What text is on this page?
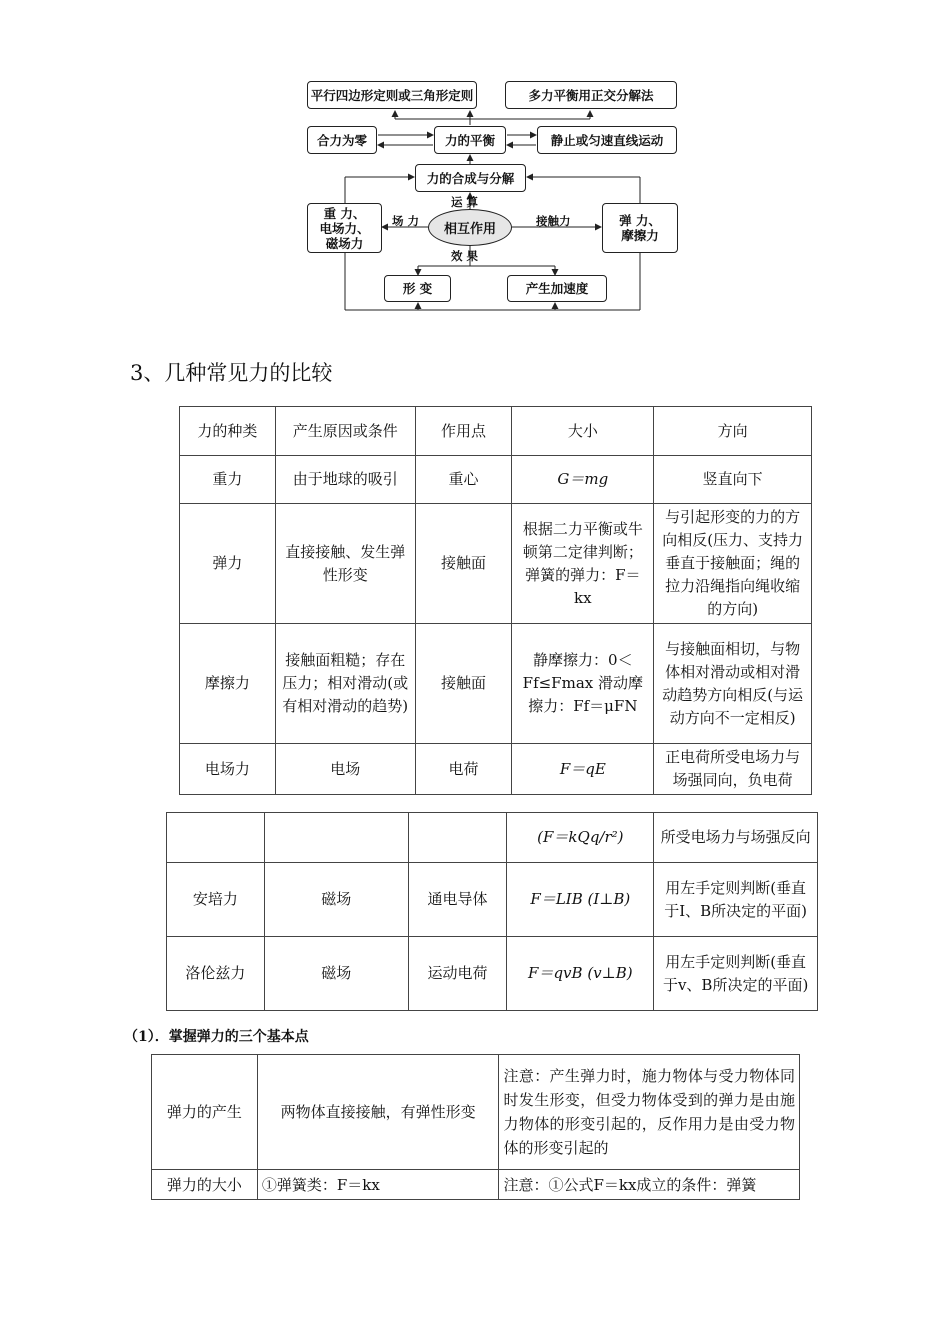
平行四边形定则或三角形定则	多力平衡用正交分解法
合力为零	力的平衡	静止或匀速直线运动
力的合成与分解
运 算
重 力、
电场力、
磁场力
场 力
相互作用
接触力	弹 力、
摩擦力
效 果
形 变	产生加速度
3、几种常见力的比较
力的种类	产生原因或条件	作用点	大小	方向
重力	由于地球的吸引	重心	G＝mg	竖直向下
弹力	直接接触、发生弹性形变	接触面	根据二力平衡或牛顿第二定律判断；弹簧的弹力：F＝kx	与引起形变的力的方向相反(压力、支持力垂直于接触面；绳的拉力沿绳指向绳收缩的方向)
摩擦力	接触面粗糙；存在压力；相对滑动(或有相对滑动的趋势)	接触面	静摩擦力：0＜Ff≤Fmax 滑动摩擦力：Ff＝μFN	与接触面相切，与物体相对滑动或相对滑动趋势方向相反(与运动方向不一定相反)
电场力	电场	电荷	F＝qE	正电荷所受电场力与场强同向，负电荷
			(F＝kQq/r²)	所受电场力与场强反向
安培力	磁场	通电导体	F＝LIB (I⊥B)	用左手定则判断(垂直于I、B所决定的平面)
洛伦兹力	磁场	运动电荷	F＝qvB (v⊥B)	用左手定则判断(垂直于v、B所决定的平面)
（1）．掌握弹力的三个基本点
弹力的产生	两物体直接接触，有弹性形变	注意：产生弹力时，施力物体与受力物体同时发生形变，但受力物体受到的弹力是由施力物体的形变引起的，反作用力是由受力物体的形变引起的
弹力的大小	①弹簧类：F＝kx	注意：①公式F＝kx成立的条件：弹簧
